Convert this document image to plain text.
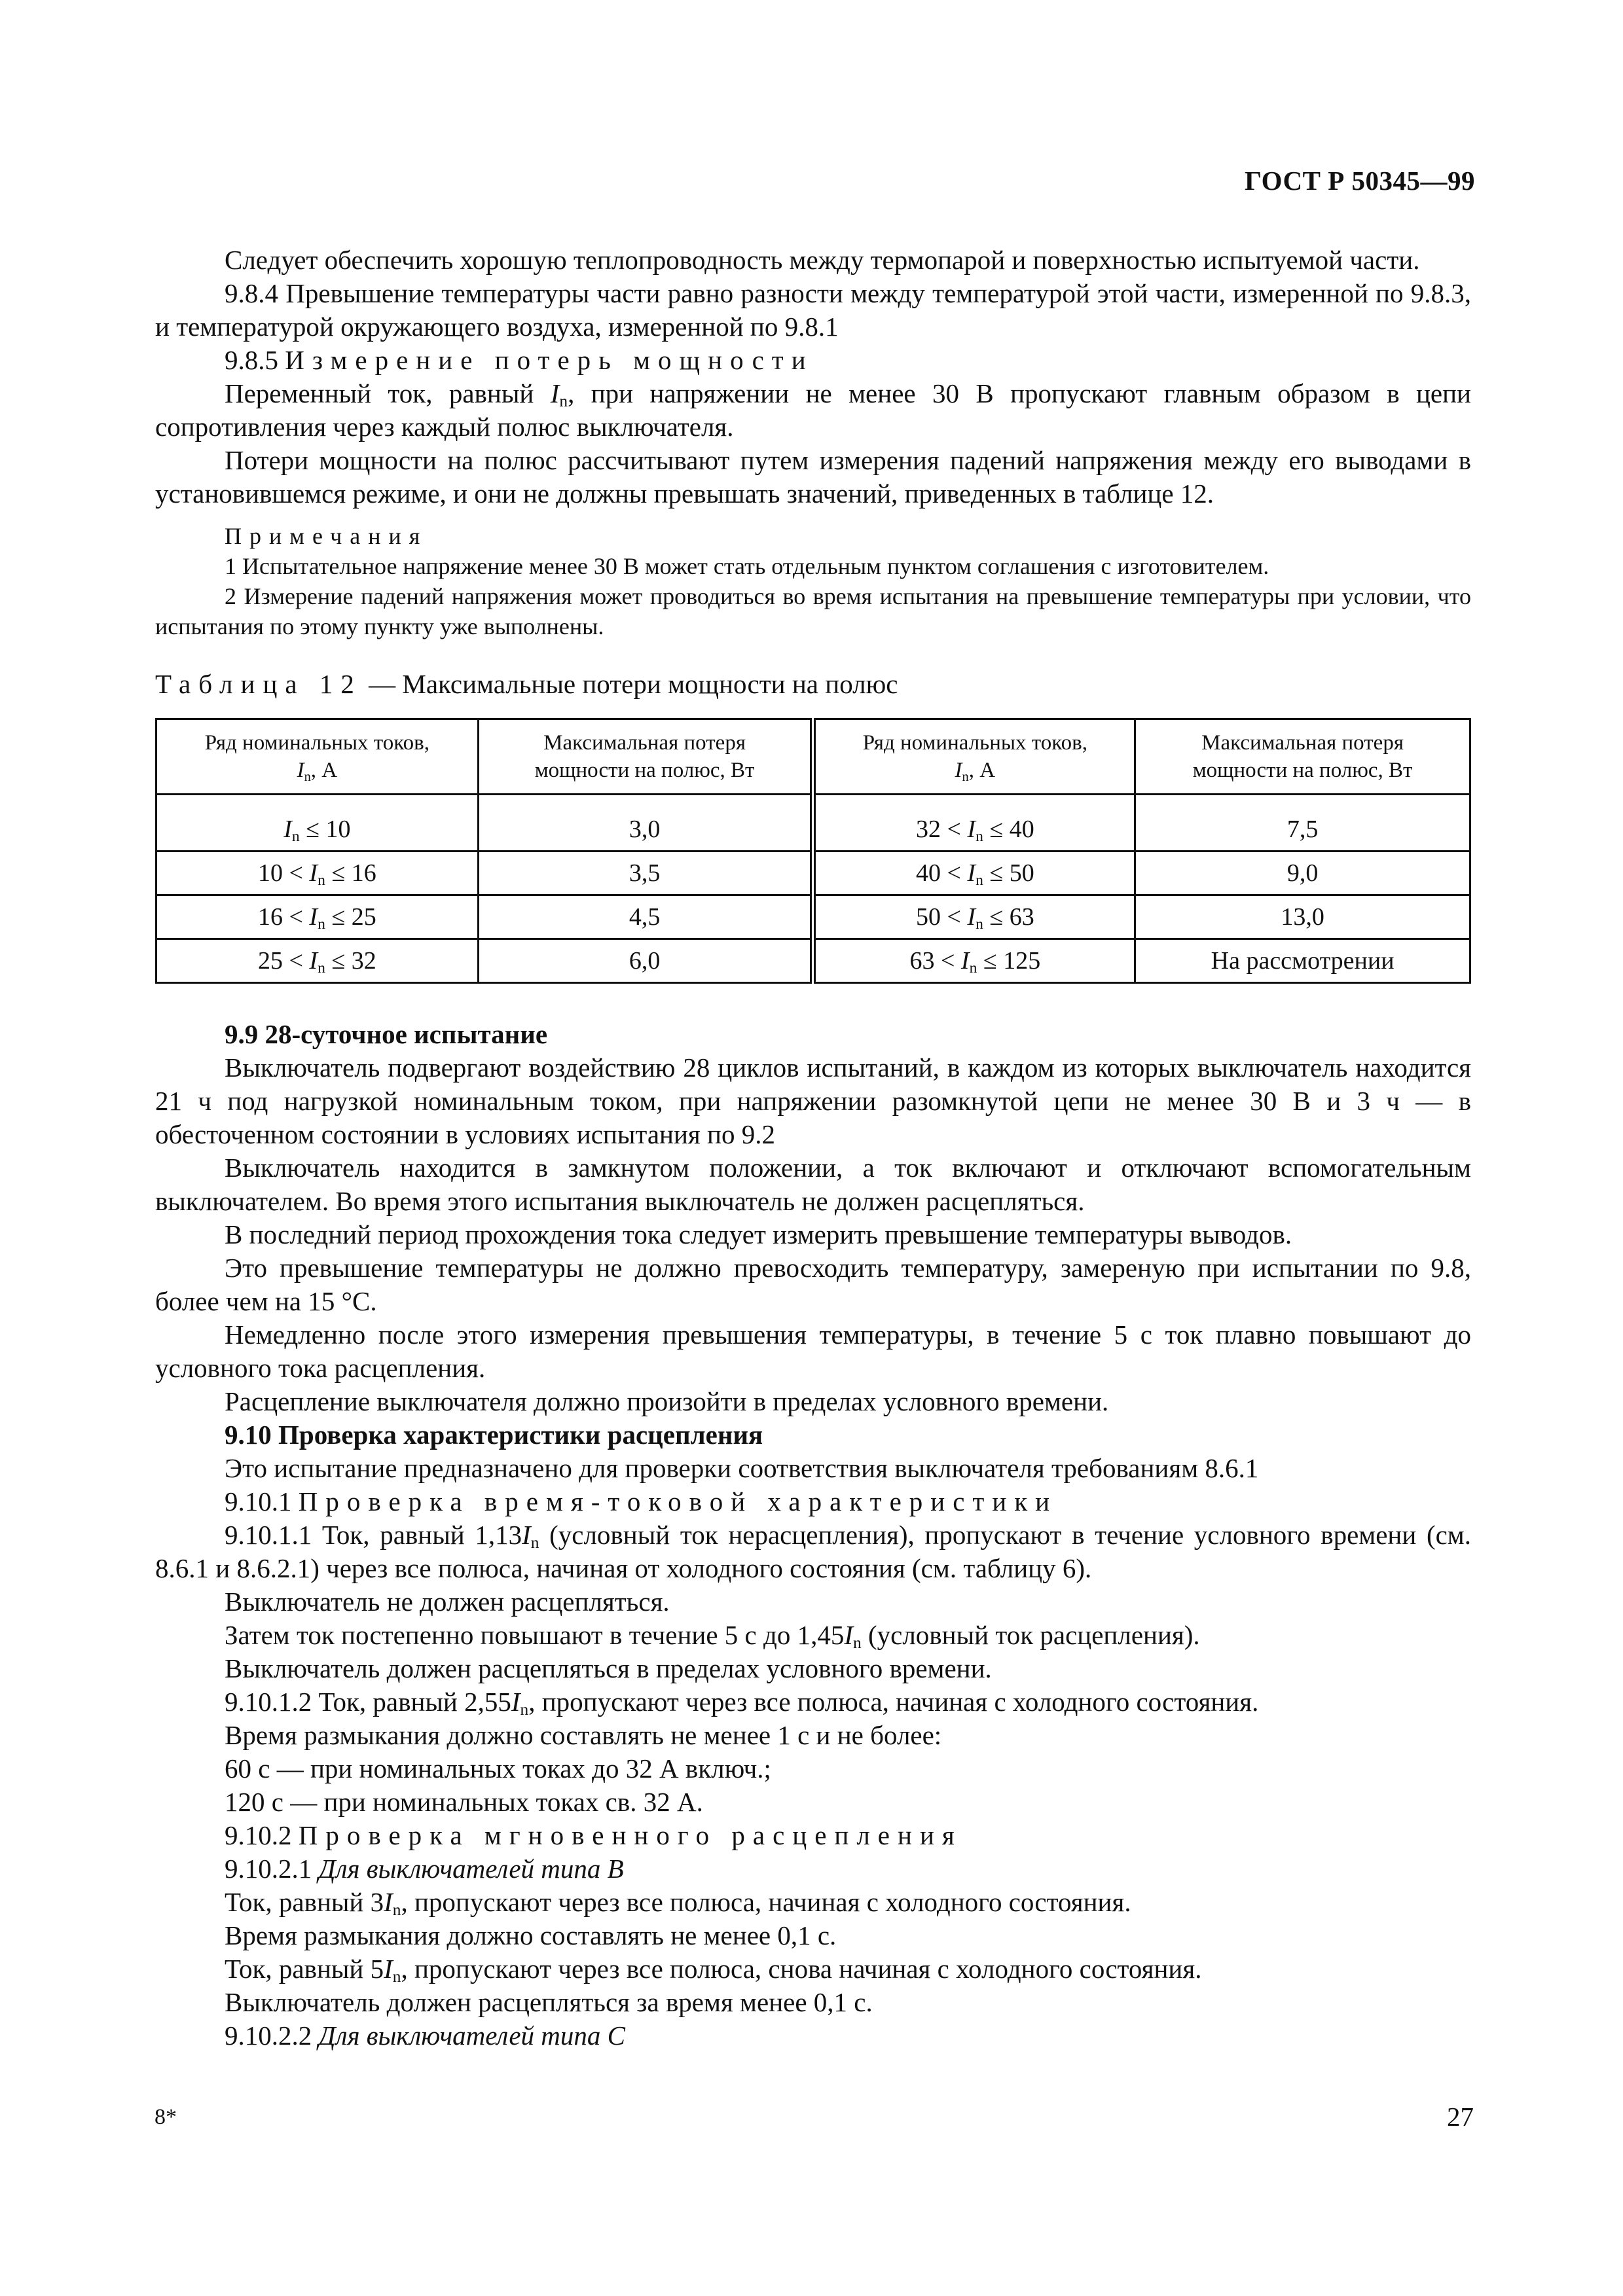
ГОСТ Р 50345—99

Следует обеспечить хорошую теплопроводность между термопарой и поверхностью испытуемой части.

9.8.4 Превышение температуры части равно разности между температурой этой части, измеренной по 9.8.3, и температурой окружающего воздуха, измеренной по 9.8.1

9.8.5 Измерение потерь мощности

Переменный ток, равный $I_n$, при напряжении не менее 30 В пропускают главным образом в цепи сопротивления через каждый полюс выключателя.

Потери мощности на полюс рассчитывают путем измерения падений напряжения между его выводами в установившемся режиме, и они не должны превышать значений, приведенных в таблице 12.

Примечания

1 Испытательное напряжение менее 30 В может стать отдельным пунктом соглашения с изготовителем.

2 Измерение падений напряжения может проводиться во время испытания на превышение температуры при условии, что испытания по этому пункту уже выполнены.

Таблица 12 — Максимальные потери мощности на полюс
Ряд номинальных токов,
$I_n$, А	Максимальная потеря
мощности на полюс, Вт	Ряд номинальных токов,
$I_n$, А	Максимальная потеря
мощности на полюс, Вт
$I_n \le 10$	3,0	$32 < I_n \le 40$	7,5
$10 < I_n \le 16$	3,5	$40 < I_n \le 50$	9,0
$16 < I_n \le 25$	4,5	$50 < I_n \le 63$	13,0
$25 < I_n \le 32$	6,0	$63 < I_n \le 125$	На рассмотрении

9.9 28-суточное испытание

Выключатель подвергают воздействию 28 циклов испытаний, в каждом из которых выключатель находится 21 ч под нагрузкой номинальным током, при напряжении разомкнутой цепи не менее 30 В и 3 ч — в обесточенном состоянии в условиях испытания по 9.2

Выключатель находится в замкнутом положении, а ток включают и отключают вспомогательным выключателем. Во время этого испытания выключатель не должен расцепляться.

В последний период прохождения тока следует измерить превышение температуры выводов.

Это превышение температуры не должно превосходить температуру, замереную при испытании по 9.8, более чем на 15 °С.

Немедленно после этого измерения превышения температуры, в течение 5 с ток плавно повышают до условного тока расцепления.

Расцепление выключателя должно произойти в пределах условного времени.

9.10 Проверка характеристики расцепления

Это испытание предназначено для проверки соответствия выключателя требованиям 8.6.1

9.10.1 Проверка время-токовой характеристики

9.10.1.1 Ток, равный $1,13I_n$ (условный ток нерасцепления), пропускают в течение условного времени (см. 8.6.1 и 8.6.2.1) через все полюса, начиная от холодного состояния (см. таблицу 6).

Выключатель не должен расцепляться.

Затем ток постепенно повышают в течение 5 с до $1,45I_n$ (условный ток расцепления).

Выключатель должен расцепляться в пределах условного времени.

9.10.1.2 Ток, равный $2,55I_n$, пропускают через все полюса, начиная с холодного состояния.

Время размыкания должно составлять не менее 1 с и не более:

60 с — при номинальных токах до 32 А включ.;

120 с — при номинальных токах св. 32 А.

9.10.2 Проверка мгновенного расцепления

9.10.2.1 Для выключателей типа В

Ток, равный $3I_n$, пропускают через все полюса, начиная с холодного состояния.

Время размыкания должно составлять не менее 0,1 с.

Ток, равный $5I_n$, пропускают через все полюса, снова начиная с холодного состояния.

Выключатель должен расцепляться за время менее 0,1 с.

9.10.2.2 Для выключателей типа С

8*	27
